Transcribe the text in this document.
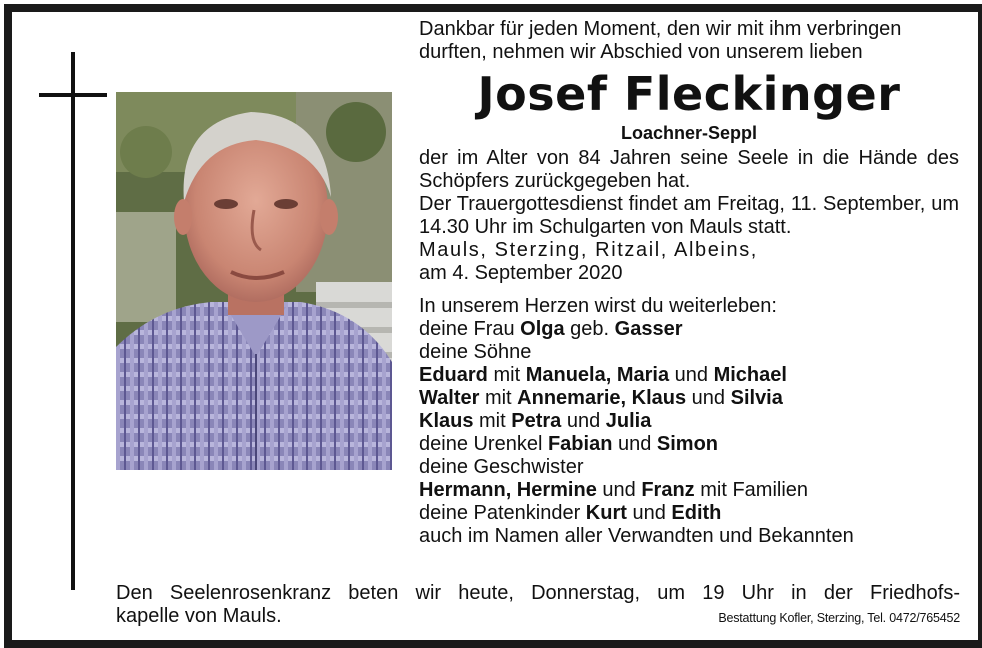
Dankbar für jeden Moment, den wir mit ihm verbringen

durften, nehmen wir Abschied von unserem lieben

Josef Fleckinger

Loachner-Seppl

der im Alter von 84 Jahren seine Seele in die Hände des Schöpfers zurückgegeben hat.

Der Trauergottesdienst findet am Freitag, 11. September, um 14.30 Uhr im Schulgarten von Mauls statt.

Mauls, Sterzing, Ritzail, Albeins,

am 4. September 2020

In unserem Herzen wirst du weiterleben:

deine Frau Olga geb. Gasser

deine Söhne

Eduard mit Manuela, Maria und Michael

Walter mit Annemarie, Klaus und Silvia

Klaus mit Petra und Julia

deine Urenkel Fabian und Simon

deine Geschwister

Hermann, Hermine und Franz mit Familien

deine Patenkinder Kurt und Edith

auch im Namen aller Verwandten und Bekannten

Den Seelenrosenkranz beten wir heute, Donnerstag, um 19 Uhr in der Friedhofs-

kapelle von Mauls.	Bestattung Kofler, Sterzing, Tel. 0472/765452
